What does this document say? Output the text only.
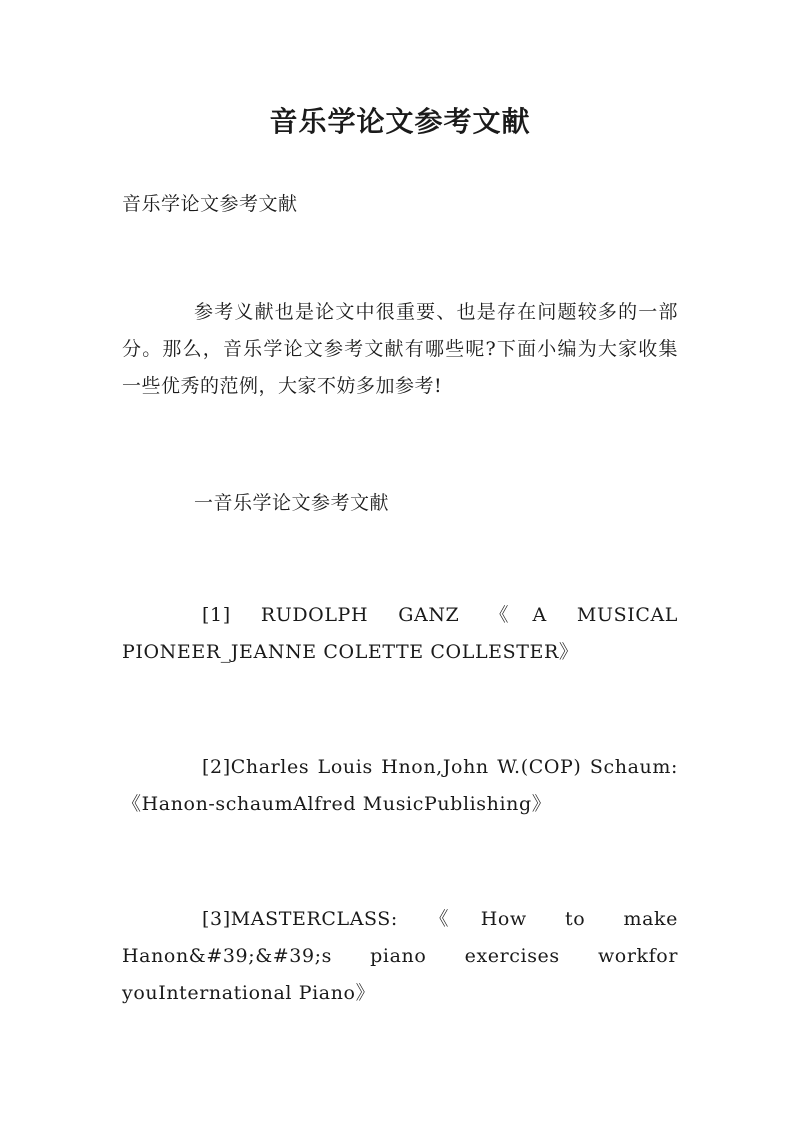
音乐学论文参考文献

音乐学论文参考文献

参考义献也是论文中很重要、也是存在问题较多的一部分。那么，音乐学论文参考文献有哪些呢?下面小编为大家收集一些优秀的范例，大家不妨多加参考!

一音乐学论文参考文献

[1] RUDOLPH GANZ 《A MUSICAL PIONEER_JEANNE COLETTE COLLESTER》

[2]Charles Louis Hnon,John W.(COP) Schaum:《Hanon-schaumAlfred MusicPublishing》

[3]MASTERCLASS:《How to make Hanon&#39;&#39;s piano exercises workfor youInternational Piano》
